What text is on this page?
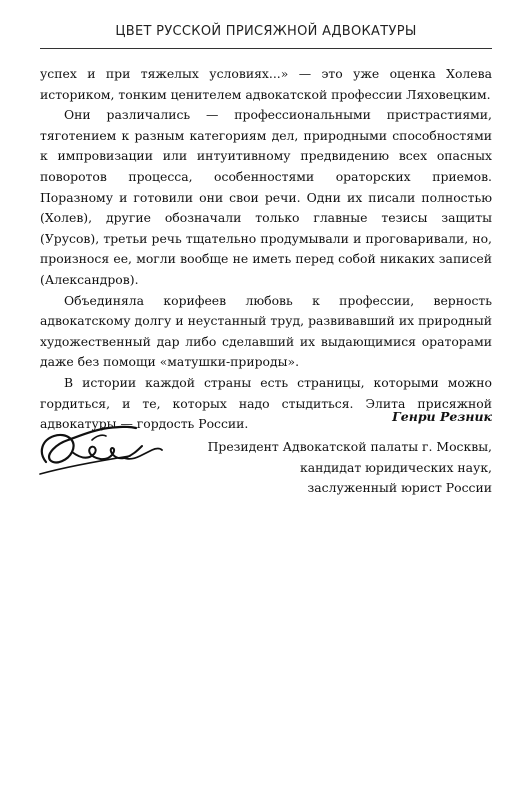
ЦВЕТ РУССКОЙ ПРИСЯЖНОЙ АДВОКАТУРЫ

успех и при тяжелых условиях...» — это уже оценка Холева историком, тонким ценителем адвокатской профессии Ляховецким.

Они различались — профессиональными пристрастиями, тяготением к разным категориям дел, природными способностями к импровизации или интуитивному предвидению всех опасных поворотов процесса, особенностями ораторских приемов. Поразному и готовили они свои речи. Одни их писали полностью (Холев), другие обозначали только главные тезисы защиты (Урусов), третьи речь тщательно продумывали и проговаривали, но, произнося ее, могли вообще не иметь перед собой никаких записей (Александров).

Объединяла корифеев любовь к профессии, верность адвокатскому долгу и неустанный труд, развивавший их природный художественный дар либо сделавший их выдающимися ораторами даже без помощи «матушки-природы».

В истории каждой страны есть страницы, которыми можно гордиться, и те, которых надо стыдиться. Элита присяжной адвокатуры — гордость России.	Генри Резник
Президент Адвокатской палаты г. Москвы,
кандидат юридических наук,
заслуженный юрист России
